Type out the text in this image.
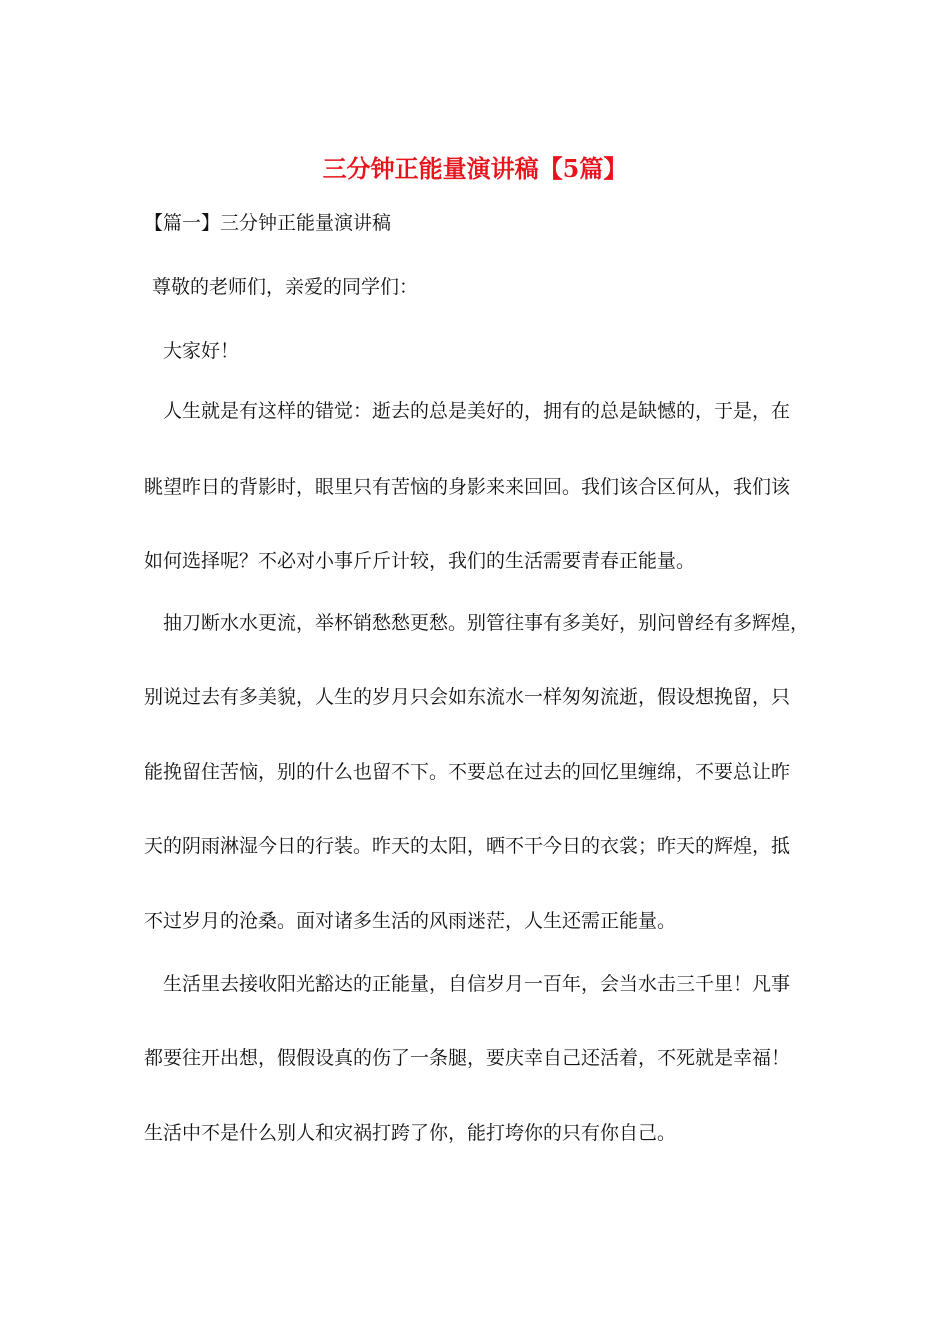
三分钟正能量演讲稿【5篇】

【篇一】三分钟正能量演讲稿

尊敬的老师们，亲爱的同学们：

大家好！

人生就是有这样的错觉：逝去的总是美好的，拥有的总是缺憾的，于是，在

眺望昨日的背影时，眼里只有苦恼的身影来来回回。我们该合区何从，我们该

如何选择呢？不必对小事斤斤计较，我们的生活需要青春正能量。

抽刀断水水更流，举杯销愁愁更愁。别管往事有多美好，别问曾经有多辉煌，

别说过去有多美貌，人生的岁月只会如东流水一样匆匆流逝，假设想挽留，只

能挽留住苦恼，别的什么也留不下。不要总在过去的回忆里缠绵，不要总让昨

天的阴雨淋湿今日的行装。昨天的太阳，晒不干今日的衣裳；昨天的辉煌，抵

不过岁月的沧桑。面对诸多生活的风雨迷茫，人生还需正能量。

生活里去接收阳光豁达的正能量，自信岁月一百年，会当水击三千里！凡事

都要往开出想，假假设真的伤了一条腿，要庆幸自己还活着，不死就是幸福！

生活中不是什么别人和灾祸打跨了你，能打垮你的只有你自己。
